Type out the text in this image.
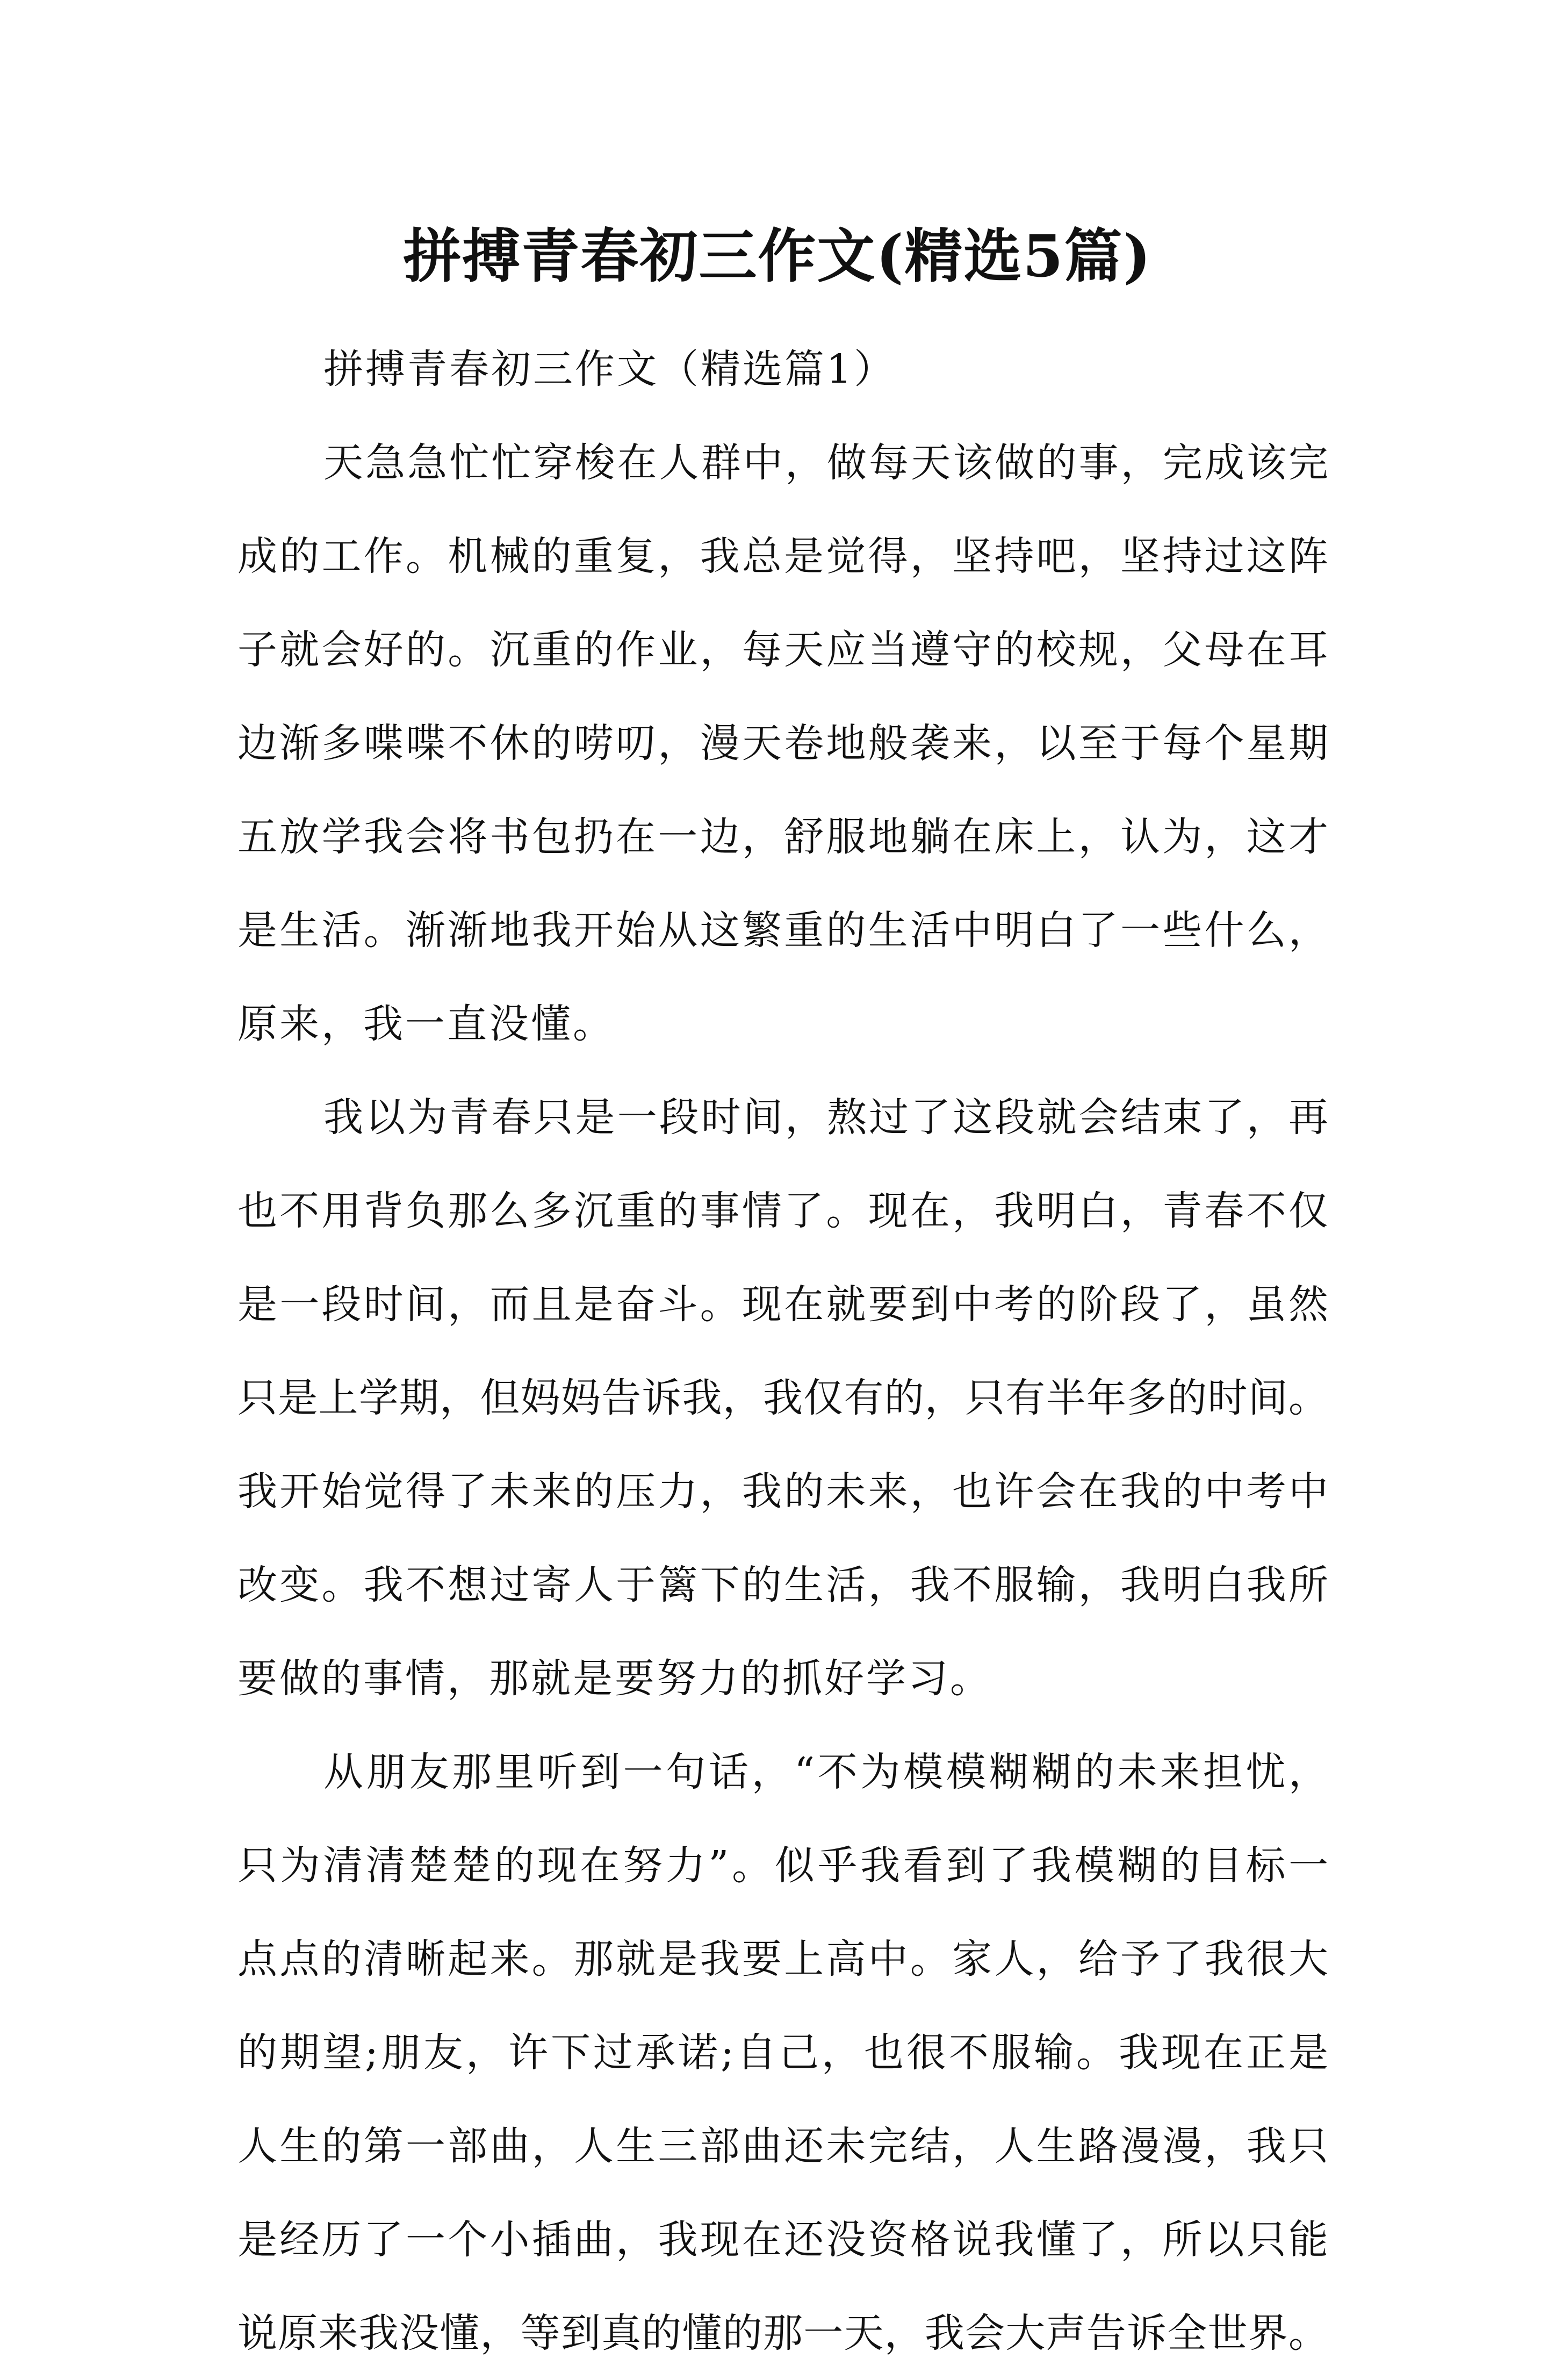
拼搏青春初三作文(精选5篇)

拼搏青春初三作文（精选篇1）

天急急忙忙穿梭在人群中，做每天该做的事，完成该完
成的工作。机械的重复，我总是觉得，坚持吧，坚持过这阵
子就会好的。沉重的作业，每天应当遵守的校规，父母在耳
边渐多喋喋不休的唠叨，漫天卷地般袭来，以至于每个星期
五放学我会将书包扔在一边，舒服地躺在床上，认为，这才
是生活。渐渐地我开始从这繁重的生活中明白了一些什么，
原来，我一直没懂。
我以为青春只是一段时间，熬过了这段就会结束了，再
也不用背负那么多沉重的事情了。现在，我明白，青春不仅
是一段时间，而且是奋斗。现在就要到中考的阶段了，虽然
只是上学期，但妈妈告诉我，我仅有的，只有半年多的时间。
我开始觉得了未来的压力，我的未来，也许会在我的中考中
改变。我不想过寄人于篱下的生活，我不服输，我明白我所
要做的事情，那就是要努力的抓好学习。
从朋友那里听到一句话，“不为模模糊糊的未来担忧，
只为清清楚楚的现在努力”。似乎我看到了我模糊的目标一
点点的清晰起来。那就是我要上高中。家人，给予了我很大
的期望;朋友，许下过承诺;自己，也很不服输。我现在正是
人生的第一部曲，人生三部曲还未完结，人生路漫漫，我只
是经历了一个小插曲，我现在还没资格说我懂了，所以只能
说原来我没懂，等到真的懂的那一天，我会大声告诉全世界。
